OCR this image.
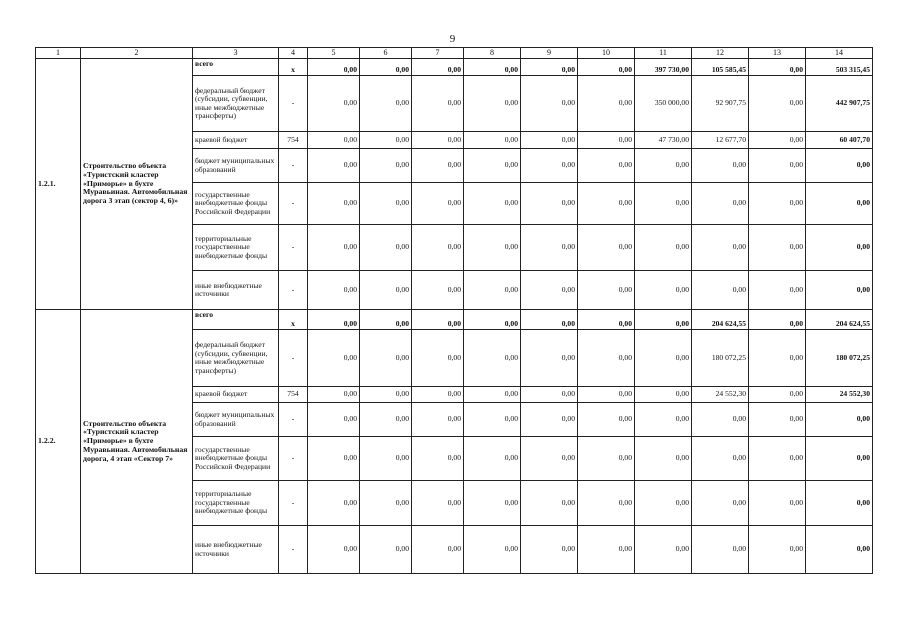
9
1	2	3	4	5	6	7	8	9	10	11	12	13	14
1.2.1.	Строительство объекта «Туристский кластер «Приморье» в бухте Муравьиная. Автомобильная дорога 3 этап (сектор 4, 6)»	всего	х	0,00	0,00	0,00	0,00	0,00	0,00	397 730,00	105 585,45	0,00	503 315,45
		федеральный бюджет (субсидии, субвенции, иные межбюджетные трансферты)	-	0,00	0,00	0,00	0,00	0,00	0,00	350 000,00	92 907,75	0,00	442 907,75
		краевой бюджет	754	0,00	0,00	0,00	0,00	0,00	0,00	47 730,00	12 677,70	0,00	60 407,70
		бюджет муниципальных образований	-	0,00	0,00	0,00	0,00	0,00	0,00	0,00	0,00	0,00	0,00
		государственные внебюджетные фонды Российской Федерации	-	0,00	0,00	0,00	0,00	0,00	0,00	0,00	0,00	0,00	0,00
		территориальные государственные внебюджетные фонды	-	0,00	0,00	0,00	0,00	0,00	0,00	0,00	0,00	0,00	0,00
		иные внебюджетные источники	-	0,00	0,00	0,00	0,00	0,00	0,00	0,00	0,00	0,00	0,00
1.2.2.	Строительство объекта «Туристский кластер «Приморье» в бухте Муравьиная. Автомобильная дорога, 4 этап «Сектор 7»	всего	х	0,00	0,00	0,00	0,00	0,00	0,00	0,00	204 624,55	0,00	204 624,55
		федеральный бюджет (субсидии, субвенции, иные межбюджетные трансферты)	-	0,00	0,00	0,00	0,00	0,00	0,00	0,00	180 072,25	0,00	180 072,25
		краевой бюджет	754	0,00	0,00	0,00	0,00	0,00	0,00	0,00	24 552,30	0,00	24 552,30
		бюджет муниципальных образований	-	0,00	0,00	0,00	0,00	0,00	0,00	0,00	0,00	0,00	0,00
		государственные внебюджетные фонды Российской Федерации	-	0,00	0,00	0,00	0,00	0,00	0,00	0,00	0,00	0,00	0,00
		территориальные государственные внебюджетные фонды	-	0,00	0,00	0,00	0,00	0,00	0,00	0,00	0,00	0,00	0,00
		иные внебюджетные источники	-	0,00	0,00	0,00	0,00	0,00	0,00	0,00	0,00	0,00	0,00
